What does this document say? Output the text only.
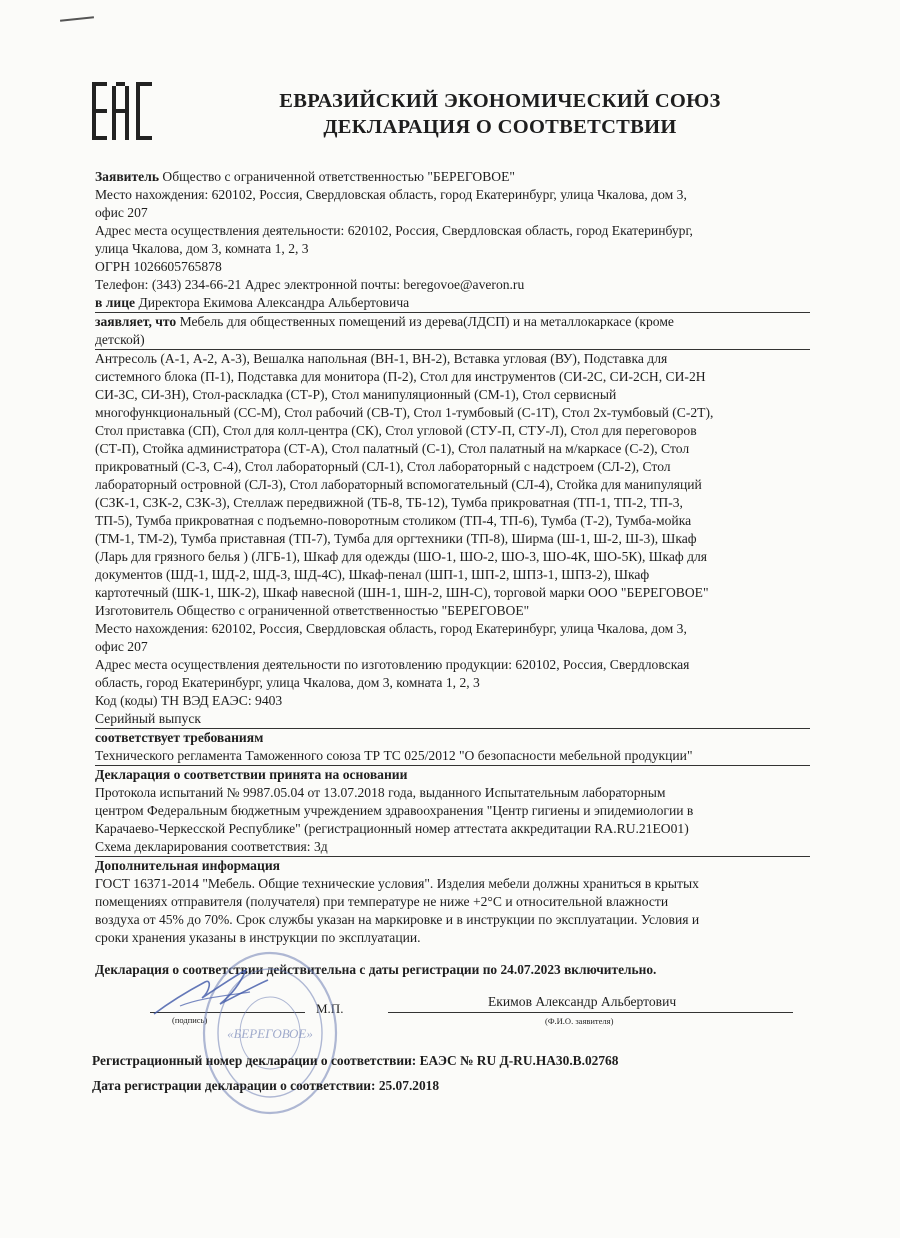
ЕВРАЗИЙСКИЙ ЭКОНОМИЧЕСКИЙ СОЮЗ
ДЕКЛАРАЦИЯ О СООТВЕТСТВИИ
Заявитель Общество с ограниченной ответственностью "БЕРЕГОВОЕ"
Место нахождения: 620102, Россия, Свердловская область, город Екатеринбург, улица Чкалова, дом 3,
офис 207
Адрес места осуществления деятельности: 620102, Россия, Свердловская область, город Екатеринбург,
улица Чкалова, дом 3, комната 1, 2, 3
ОГРН 1026605765878
Телефон: (343) 234-66-21 Адрес электронной почты: beregovoe@averon.ru
в лице Директора Екимова Александра Альбертовича
заявляет, что Мебель для общественных помещений из дерева(ЛДСП) и на металлокаркасе (кроме
детской)
Антресоль (А-1, А-2, А-3), Вешалка напольная (ВН-1, ВН-2), Вставка угловая (ВУ), Подставка для
системного блока (П-1), Подставка для монитора (П-2), Стол для инструментов (СИ-2С, СИ-2СН, СИ-2Н
СИ-3С, СИ-3Н), Стол-раскладка (СТ-Р), Стол манипуляционный (СМ-1), Стол сервисный
многофункциональный (СС-М), Стол рабочий (СВ-Т), Стол 1-тумбовый (С-1Т), Стол 2х-тумбовый (С-2Т),
Стол приставка (СП), Стол для колл-центра (СК), Стол угловой (СТУ-П, СТУ-Л), Стол для переговоров
(СТ-П), Стойка администратора (СТ-А), Стол палатный (С-1), Стол палатный на м/каркасе (С-2), Стол
прикроватный (С-3, С-4), Стол лабораторный (СЛ-1), Стол лабораторный с надстроем (СЛ-2), Стол
лабораторный островной (СЛ-3), Стол лабораторный вспомогательный (СЛ-4), Стойка для манипуляций
(СЗК-1, СЗК-2, СЗК-3), Стеллаж передвижной (ТБ-8, ТБ-12), Тумба прикроватная (ТП-1, ТП-2, ТП-3,
ТП-5), Тумба прикроватная с подъемно-поворотным столиком (ТП-4, ТП-6), Тумба (Т-2), Тумба-мойка
(ТМ-1, ТМ-2), Тумба приставная (ТП-7), Тумба для оргтехники (ТП-8), Ширма (Ш-1, Ш-2, Ш-3), Шкаф
(Ларь для грязного белья ) (ЛГБ-1), Шкаф для одежды (ШО-1, ШО-2, ШО-3, ШО-4К, ШО-5К), Шкаф для
документов (ШД-1, ШД-2, ШД-3, ШД-4С), Шкаф-пенал (ШП-1, ШП-2, ШПЗ-1, ШПЗ-2), Шкаф
картотечный (ШК-1, ШК-2), Шкаф навесной (ШН-1, ШН-2, ШН-С), торговой марки ООО "БЕРЕГОВОЕ"
Изготовитель Общество с ограниченной ответственностью "БЕРЕГОВОЕ"
Место нахождения: 620102, Россия, Свердловская область, город Екатеринбург, улица Чкалова, дом 3,
офис 207
Адрес места осуществления деятельности по изготовлению продукции: 620102, Россия, Свердловская
область, город Екатеринбург, улица Чкалова, дом 3, комната 1, 2, 3
Код (коды) ТН ВЭД ЕАЭС: 9403
Серийный выпуск
соответствует требованиям
Технического регламента Таможенного союза ТР ТС 025/2012 "О безопасности мебельной продукции"
Декларация о соответствии принята на основании
Протокола испытаний № 9987.05.04 от 13.07.2018 года, выданного Испытательным лабораторным
центром Федеральным бюджетным учреждением здравоохранения "Центр гигиены и эпидемиологии в
Карачаево-Черкесской Республике" (регистрационный номер аттестата аккредитации RA.RU.21ЕО01)
Схема декларирования соответствия: 3д
Дополнительная информация
ГОСТ 16371-2014 "Мебель. Общие технические условия". Изделия мебели должны храниться в крытых
помещениях отправителя (получателя) при температуре не ниже +2°С и относительной влажности
воздуха от 45% до 70%. Срок службы указан на маркировке и в инструкции по эксплуатации. Условия и
сроки хранения указаны в инструкции по эксплуатации.
Декларация о соответствии действительна с даты регистрации по 24.07.2023 включительно.
(подпись)
М.П.	Екимов Александр Альбертович
(Ф.И.О. заявителя)
«БЕРЕГОВОЕ»
Регистрационный номер декларации о соответствии: ЕАЭС № RU Д-RU.НА30.В.02768
Дата регистрации декларации о соответствии: 25.07.2018
